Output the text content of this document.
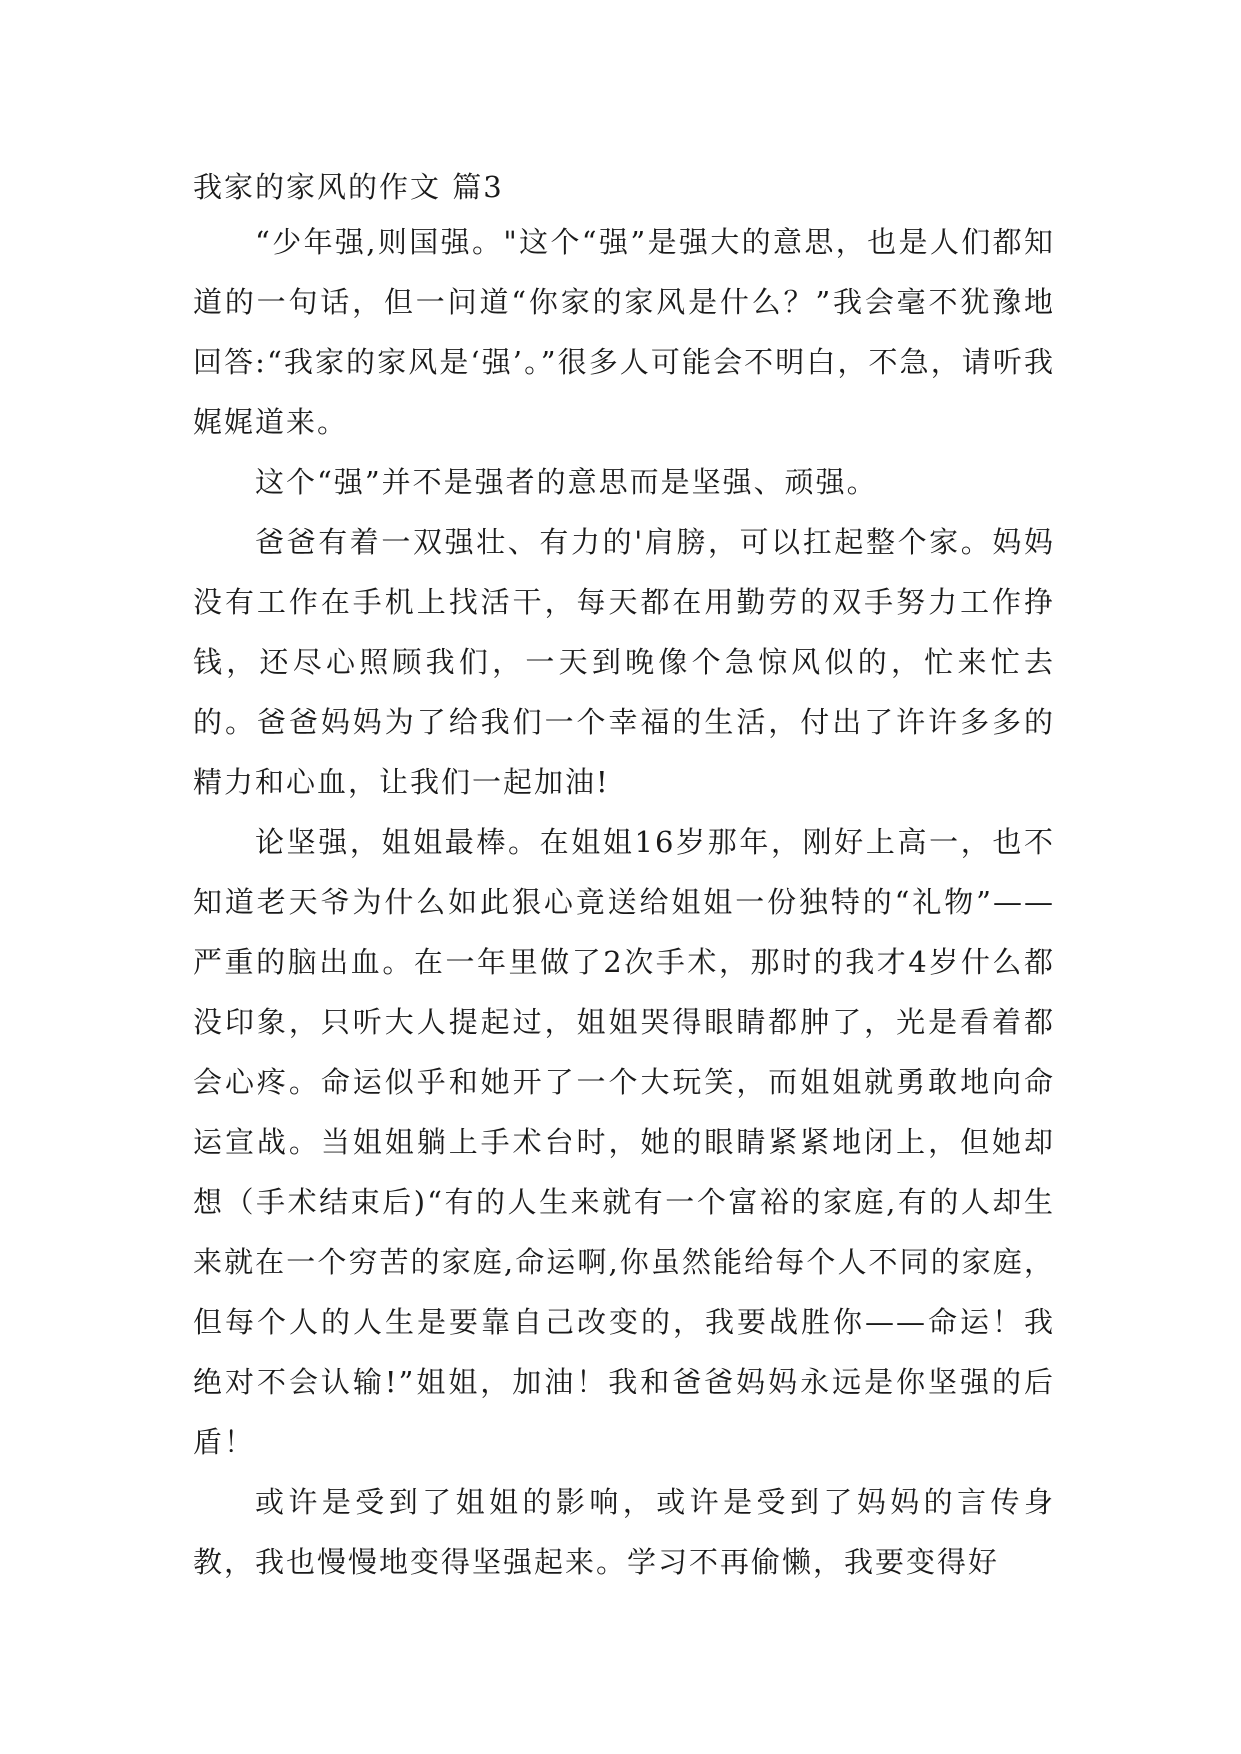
我家的家风的作文 篇3

“少年强,则国强。"这个“强”是强大的意思，也是人们都知道的一句话，但一问道“你家的家风是什么？”我会毫不犹豫地回答:“我家的家风是‘强’。”很多人可能会不明白，不急，请听我娓娓道来。

这个“强”并不是强者的意思而是坚强、顽强。

爸爸有着一双强壮、有力的'肩膀，可以扛起整个家。妈妈没有工作在手机上找活干，每天都在用勤劳的双手努力工作挣钱，还尽心照顾我们，一天到晚像个急惊风似的，忙来忙去的。爸爸妈妈为了给我们一个幸福的生活，付出了许许多多的精力和心血，让我们一起加油!

论坚强，姐姐最棒。在姐姐16岁那年，刚好上高一，也不知道老天爷为什么如此狠心竟送给姐姐一份独特的“礼物”——严重的脑出血。在一年里做了2次手术，那时的我才4岁什么都没印象，只听大人提起过，姐姐哭得眼睛都肿了，光是看着都会心疼。命运似乎和她开了一个大玩笑，而姐姐就勇敢地向命运宣战。当姐姐躺上手术台时，她的眼睛紧紧地闭上，但她却想（手术结束后)“有的人生来就有一个富裕的家庭,有的人却生来就在一个穷苦的家庭,命运啊,你虽然能给每个人不同的家庭，但每个人的人生是要靠自己改变的，我要战胜你——命运！我绝对不会认输!”姐姐，加油！我和爸爸妈妈永远是你坚强的后盾！

或许是受到了姐姐的影响，或许是受到了妈妈的言传身教，我也慢慢地变得坚强起来。学习不再偷懒，我要变得好
